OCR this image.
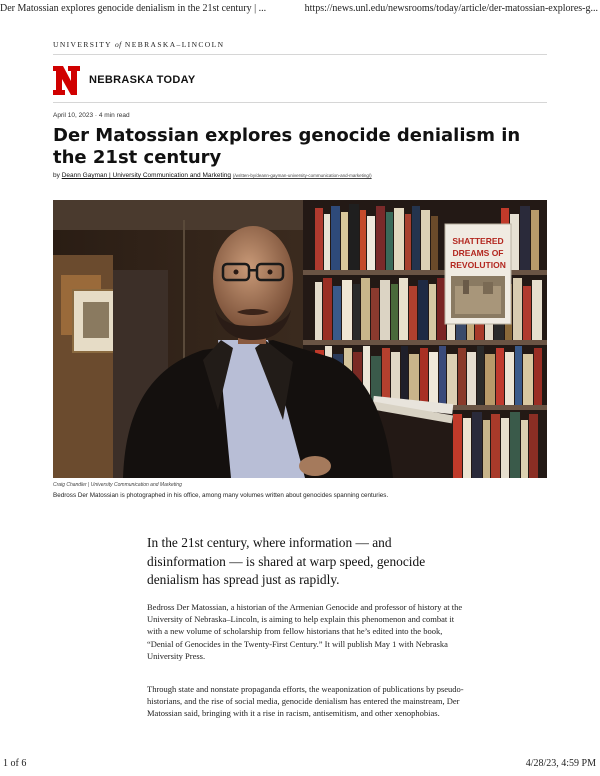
Der Matossian explores genocide denialism in the 21st century | ...	https://news.unl.edu/newsrooms/today/article/der-matossian-explores-g...
UNIVERSITY of NEBRASKA–LINCOLN
NEBRASKA TODAY
April 10, 2023 · 4 min read
Der Matossian explores genocide denialism in the 21st century
by Deann Gayman | University Communication and Marketing (/written-by/deann-gayman-university-communication-and-marketing/)
SHATTERED
DREAMS OF
REVOLUTION
Craig Chandler | University Communication and Marketing
Bedross Der Matossian is photographed in his office, among many volumes written about genocides spanning centuries.

In the 21st century, where information — and disinformation — is shared at warp speed, genocide denialism has spread just as rapidly.

Bedross Der Matossian, a historian of the Armenian Genocide and professor of history at the University of Nebraska–Lincoln, is aiming to help explain this phenomenon and combat it with a new volume of scholarship from fellow historians that he’s edited into the book, “Denial of Genocides in the Twenty-First Century.” It will publish May 1 with Nebraska University Press.

Through state and nonstate propaganda efforts, the weaponization of publications by pseudo-historians, and the rise of social media, genocide denialism has entered the mainstream, Der Matossian said, bringing with it a rise in racism, antisemitism, and other xenophobias.

1 of 6	4/28/23, 4:59 PM
